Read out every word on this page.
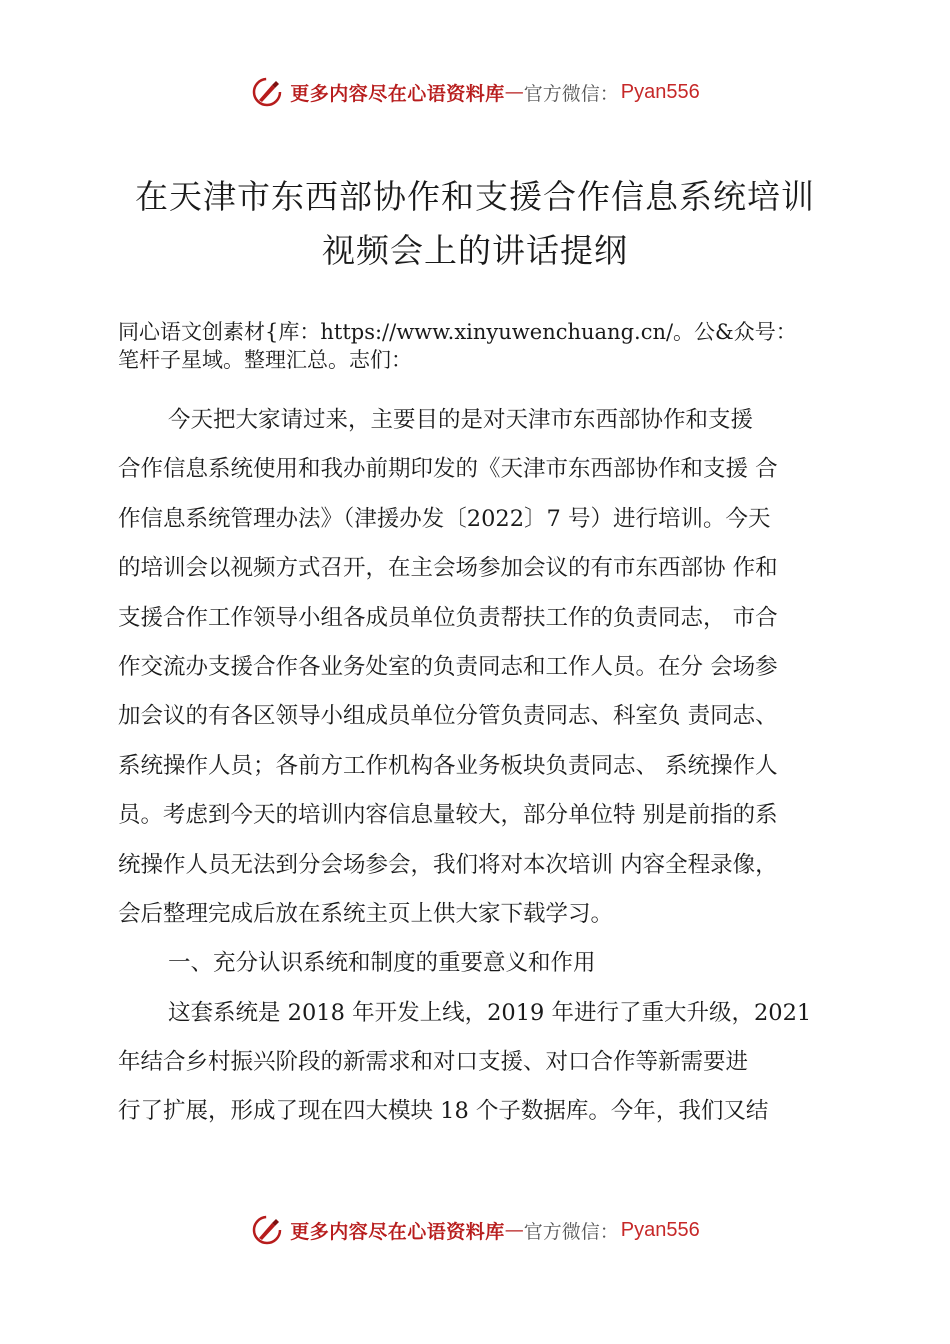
更多内容尽在心语资料库 — 官方微信： Pyan556
在天津市东西部协作和支援合作信息系统培训
视频会上的讲话提纲
同心语文创素材{库：https://www.xinyuwenchuang.cn/。公&众号：
笔杆子星域。整理汇总。志们：
今天把大家请过来，主要目的是对天津市东西部协作和支援
合作信息系统使用和我办前期印发的《天津市东西部协作和支援 合
作信息系统管理办法》（津援办发〔2022〕7 号）进行培训。今天
的培训会以视频方式召开，在主会场参加会议的有市东西部协 作和
支援合作工作领导小组各成员单位负责帮扶工作的负责同志， 市合
作交流办支援合作各业务处室的负责同志和工作人员。在分 会场参
加会议的有各区领导小组成员单位分管负责同志、科室负 责同志、
系统操作人员；各前方工作机构各业务板块负责同志、 系统操作人
员。考虑到今天的培训内容信息量较大，部分单位特 别是前指的系
统操作人员无法到分会场参会，我们将对本次培训 内容全程录像，
会后整理完成后放在系统主页上供大家下载学习。
一、充分认识系统和制度的重要意义和作用
这套系统是 2018 年开发上线，2019 年进行了重大升级，2021
年结合乡村振兴阶段的新需求和对口支援、对口合作等新需要进
行了扩展，形成了现在四大模块 18 个子数据库。今年，我们又结
更多内容尽在心语资料库 — 官方微信： Pyan556
